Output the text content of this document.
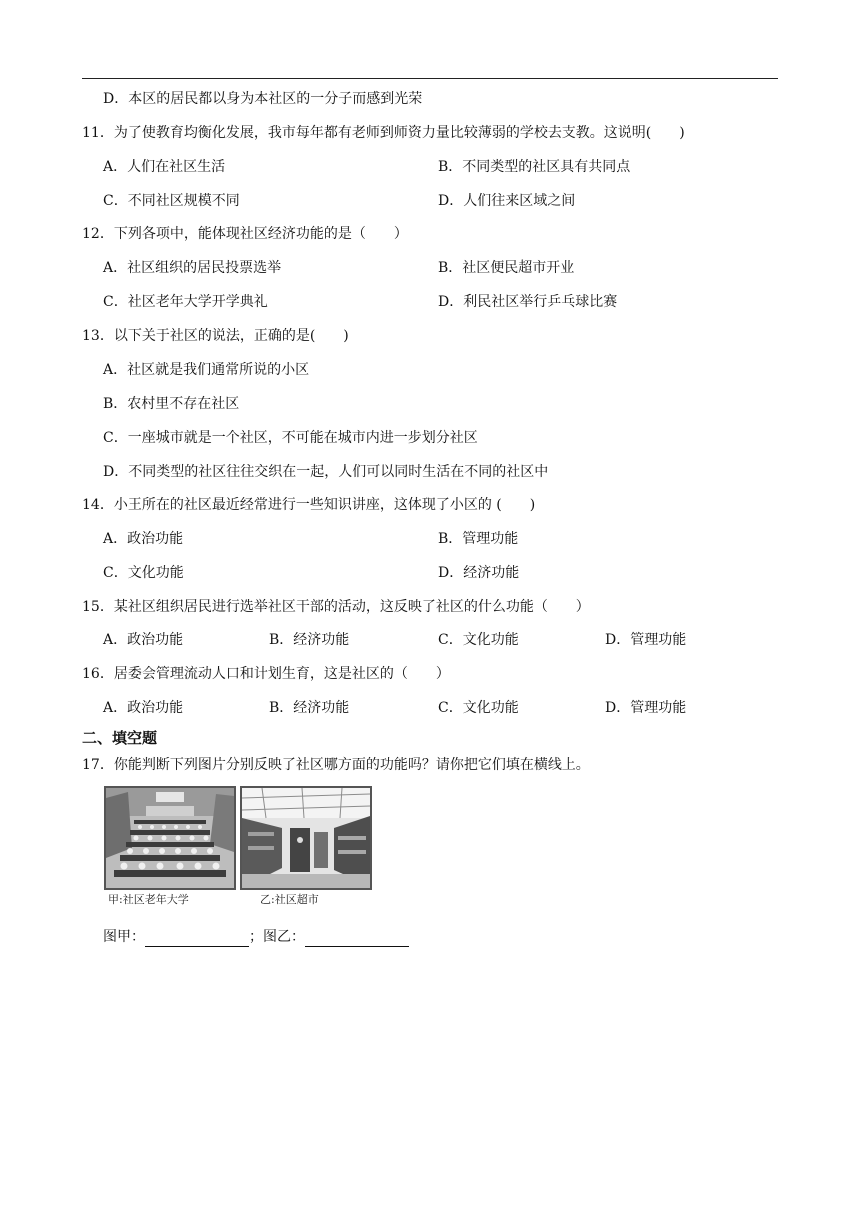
D．本区的居民都以身为本社区的一分子而感到光荣
11．为了使教育均衡化发展，我市每年都有老师到师资力量比较薄弱的学校去支教。这说明(　　)
A．人们在社区生活	B．不同类型的社区具有共同点
C．不同社区规模不同	D．人们往来区域之间
12．下列各项中，能体现社区经济功能的是（　　）
A．社区组织的居民投票选举	B．社区便民超市开业
C．社区老年大学开学典礼	D．利民社区举行乒乓球比赛
13．以下关于社区的说法，正确的是(　　)
A．社区就是我们通常所说的小区
B．农村里不存在社区
C．一座城市就是一个社区，不可能在城市内进一步划分社区
D．不同类型的社区往往交织在一起，人们可以同时生活在不同的社区中
14．小王所在的社区最近经常进行一些知识讲座，这体现了小区的 (　　)
A．政治功能	B．管理功能
C．文化功能	D．经济功能
15．某社区组织居民进行选举社区干部的活动，这反映了社区的什么功能（　　）
A．政治功能	B．经济功能	C．文化功能	D．管理功能
16．居委会管理流动人口和计划生育，这是社区的（　　）
A．政治功能	B．经济功能	C．文化功能	D．管理功能
二、填空题
17．你能判断下列图片分别反映了社区哪方面的功能吗？请你把它们填在横线上。
甲:社区老年大学	乙:社区超市
图甲：	；图乙：
